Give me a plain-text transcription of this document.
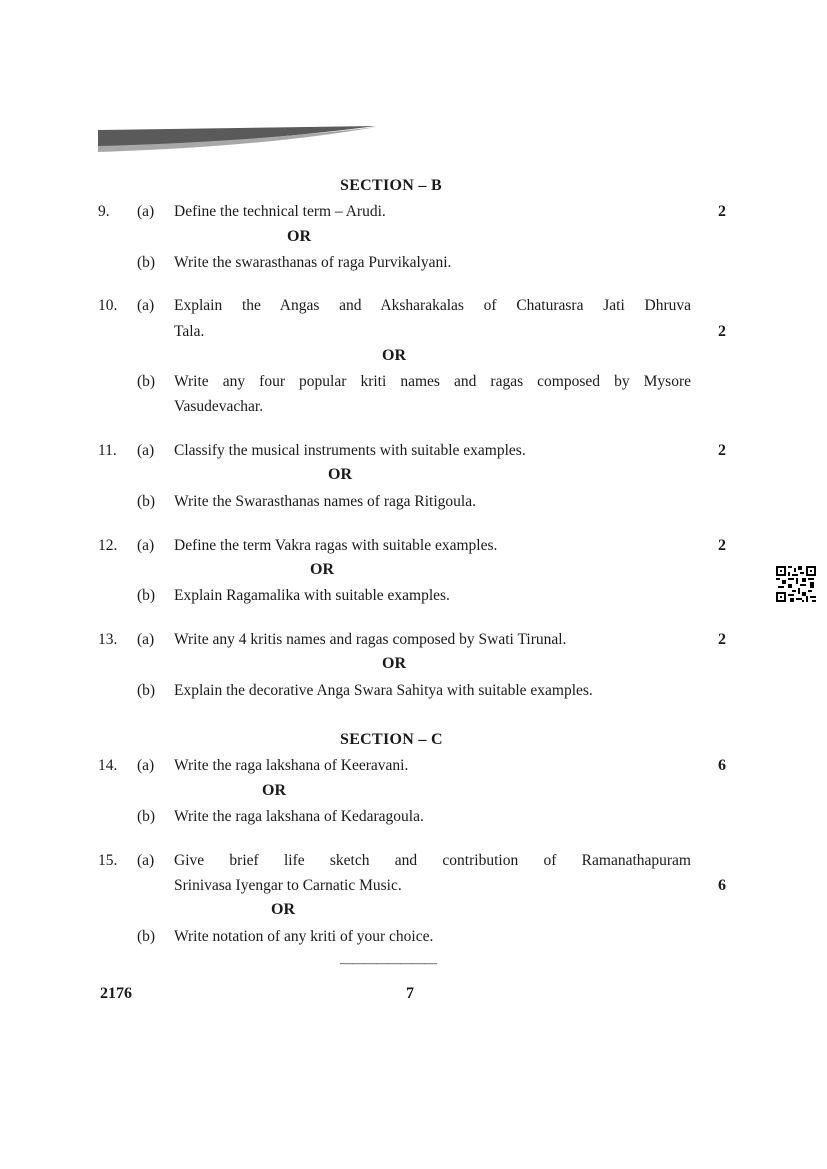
SECTION – B
9. (a) Define the technical term – Arudi.	2
OR
(b) Write the swarasthanas of raga Purvikalyani.
10. (a) Explain the Angas and Aksharakalas of Chaturasra Jati Dhruva
Tala.	2
OR
(b) Write any four popular kriti names and ragas composed by Mysore
Vasudevachar.
11. (a) Classify the musical instruments with suitable examples.	2
OR
(b) Write the Swarasthanas names of raga Ritigoula.
12. (a) Define the term Vakra ragas with suitable examples.	2
OR
(b) Explain Ragamalika with suitable examples.
13. (a) Write any 4 kritis names and ragas composed by Swati Tirunal.	2
OR
(b) Explain the decorative Anga Swara Sahitya with suitable examples.
SECTION – C
14. (a) Write the raga lakshana of Keeravani.	6
OR
(b) Write the raga lakshana of Kedaragoula.
15. (a) Give brief life sketch and contribution of Ramanathapuram
Srinivasa Iyengar to Carnatic Music.	6
OR
(b) Write notation of any kriti of your choice.
————————
2176	7
